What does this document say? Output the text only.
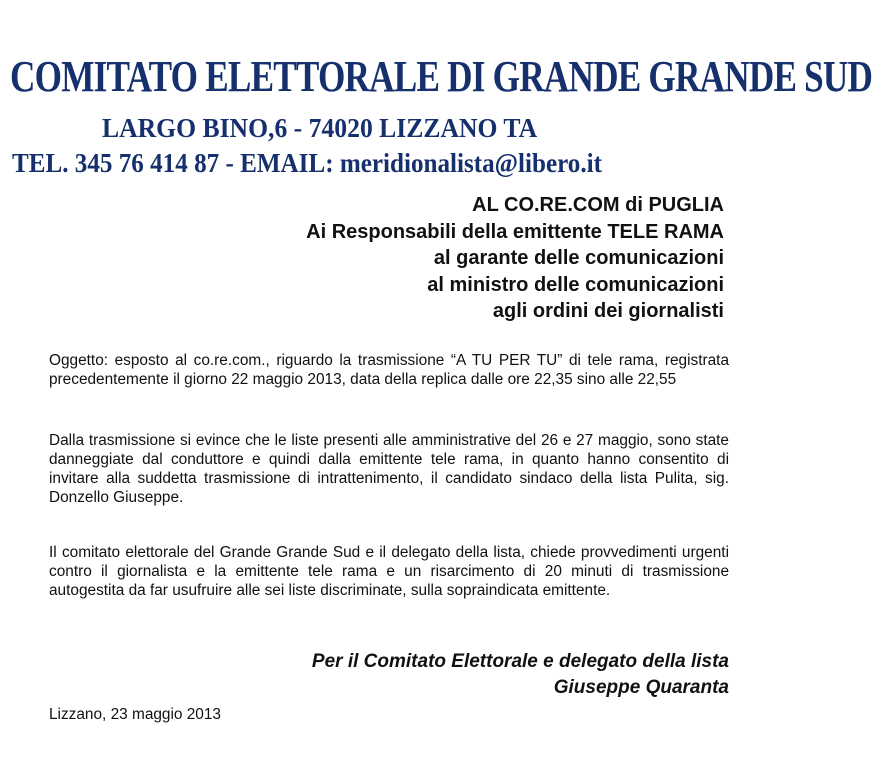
COMITATO ELETTORALE DI GRANDE GRANDE SUD
LARGO BINO,6 - 74020 LIZZANO TA
TEL. 345 76 414 87 - EMAIL: meridionalista@libero.it
AL CO.RE.COM di PUGLIA
Ai Responsabili della emittente TELE RAMA
al garante delle comunicazioni
al ministro delle comunicazioni
agli ordini dei giornalisti
Oggetto: esposto al co.re.com., riguardo la trasmissione “A TU PER TU” di tele rama, registrata precedentemente il giorno 22 maggio 2013, data della replica dalle ore 22,35 sino alle 22,55
Dalla trasmissione si evince che le liste presenti alle amministrative del 26 e 27 maggio, sono state danneggiate dal conduttore e quindi dalla emittente tele rama, in quanto hanno consentito di invitare alla suddetta trasmissione di intrattenimento, il candidato sindaco della lista Pulita, sig. Donzello Giuseppe.
Il comitato elettorale del Grande Grande Sud e il delegato della lista, chiede provvedimenti urgenti contro il giornalista e la emittente tele rama e un risarcimento di 20 minuti di trasmissione autogestita da far usufruire alle sei liste discriminate, sulla sopraindicata emittente.
Per il Comitato Elettorale e delegato della lista
Giuseppe Quaranta
Lizzano, 23 maggio 2013
